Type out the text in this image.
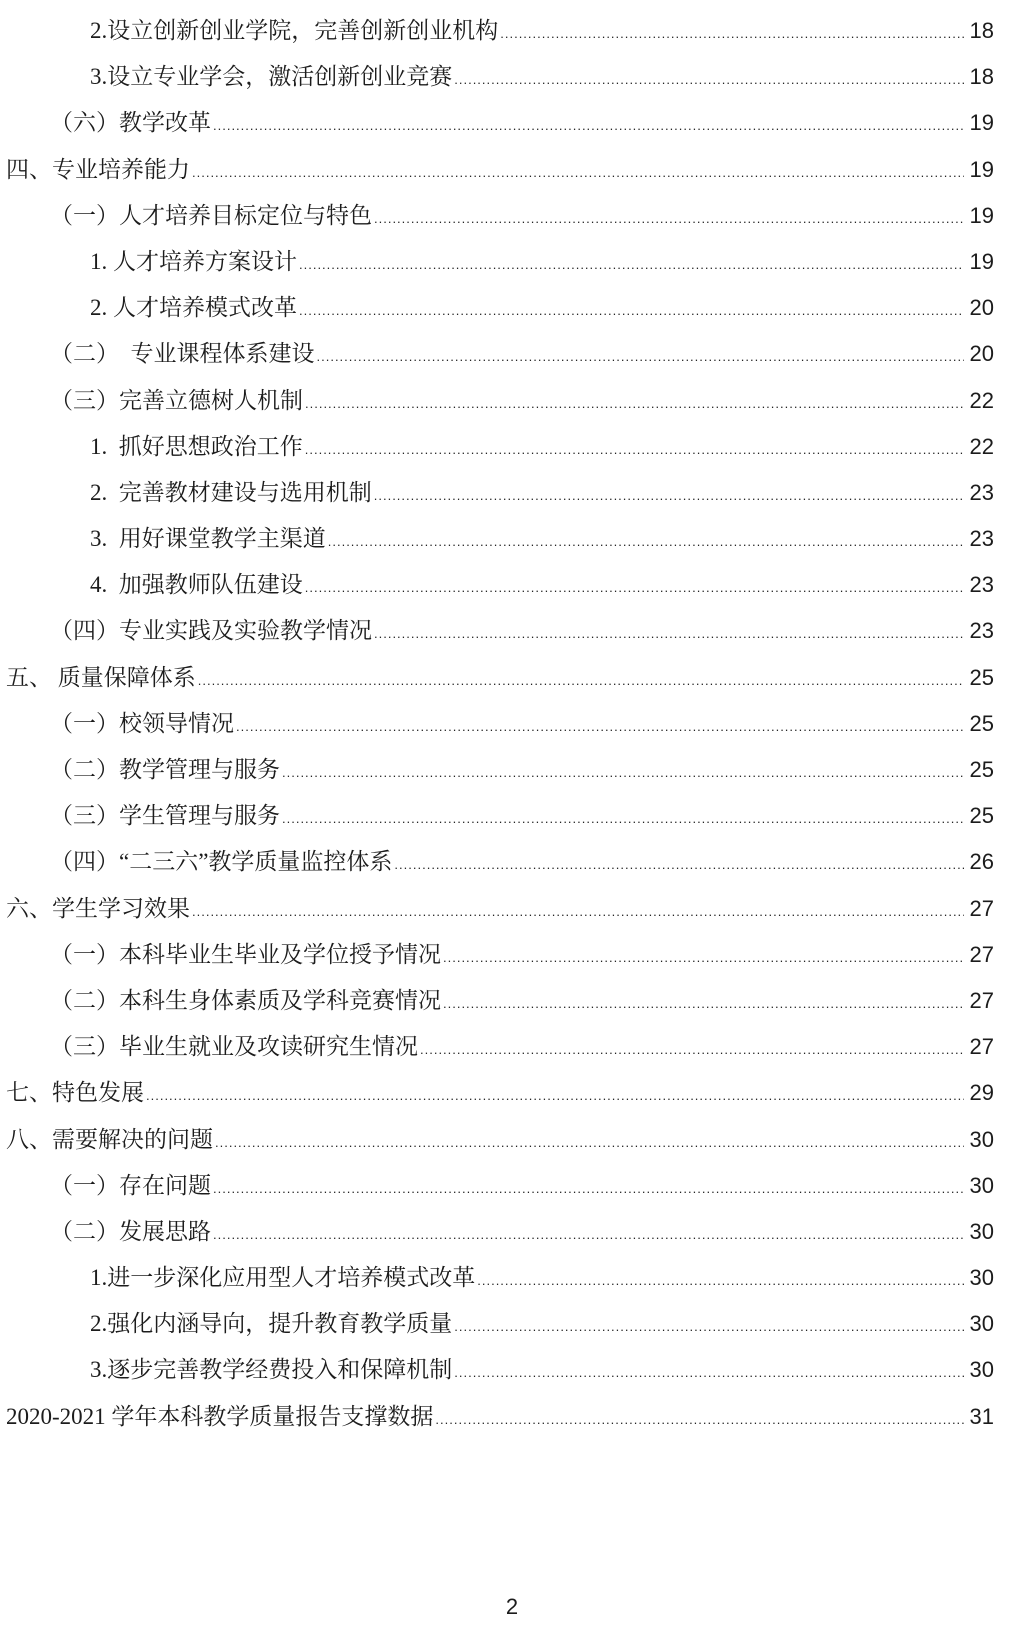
2.设立创新创业学院，完善创新创业机构 .....	18
3.设立专业学会，激活创新创业竞赛 .....	18
（六）教学改革 .....	19
四、专业培养能力 .....	19
（一）人才培养目标定位与特色 .....	19
1. 人才培养方案设计 .....	19
2. 人才培养模式改革 .....	20
（二）　专业课程体系建设 .....	20
（三）完善立德树人机制 .....	22
1.  抓好思想政治工作 .....	22
2.  完善教材建设与选用机制 .....	23
3.  用好课堂教学主渠道 .....	23
4.  加强教师队伍建设 .....	23
（四）专业实践及实验教学情况 .....	23
五、 质量保障体系 .....	25
（一）校领导情况 .....	25
（二）教学管理与服务 .....	25
（三）学生管理与服务 .....	25
（四）“二三六”教学质量监控体系 .....	26
六、学生学习效果 .....	27
（一）本科毕业生毕业及学位授予情况 .....	27
（二）本科生身体素质及学科竞赛情况 .....	27
（三）毕业生就业及攻读研究生情况 .....	27
七、特色发展 .....	29
八、需要解决的问题 .....	30
（一）存在问题 .....	30
（二）发展思路 .....	30
1.进一步深化应用型人才培养模式改革 .....	30
2.强化内涵导向，提升教育教学质量 .....	30
3.逐步完善教学经费投入和保障机制 .....	30
2020-2021 学年本科教学质量报告支撑数据 .....	31
2
